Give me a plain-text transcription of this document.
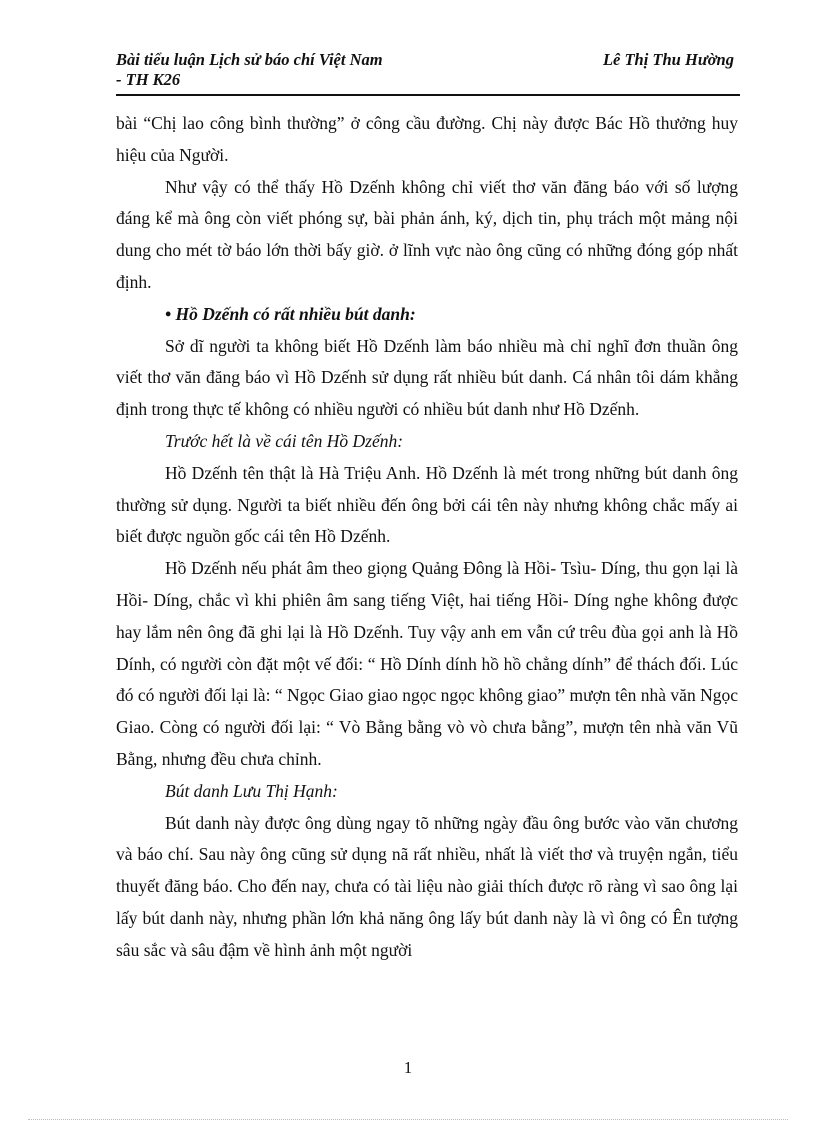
Bài tiểu luận Lịch sử báo chí Việt Nam
- TH K26
Lê Thị Thu Hường

bài “Chị lao công bình thường” ở công cầu đường. Chị này được Bác Hồ thưởng huy hiệu của Người.

Như vậy có thể thấy Hồ Dzếnh không chỉ viết thơ văn đăng báo với số lượng đáng kể mà ông còn viết phóng sự, bài phản ánh, ký, dịch tin, phụ trách một mảng nội dung cho mét tờ báo lớn thời bấy giờ. ở lĩnh vực nào ông cũng có những đóng góp nhất định.

• Hồ Dzếnh có rất nhiều bút danh:

Sở dĩ người ta không biết Hồ Dzếnh làm báo nhiều mà chỉ nghĩ đơn thuần ông viết thơ văn đăng báo vì Hồ Dzếnh sử dụng rất nhiều bút danh. Cá nhân tôi dám khẳng định trong thực tế không có nhiều người có nhiều bút danh như Hồ Dzếnh.

Trước hết là về cái tên Hồ Dzếnh:

Hồ Dzếnh tên thật là Hà Triệu Anh. Hồ Dzếnh là mét trong những bút danh ông thường sử dụng. Người ta biết nhiều đến ông bởi cái tên này nhưng không chắc mấy ai biết được nguồn gốc cái tên Hồ Dzếnh.

Hồ Dzếnh nếu phát âm theo giọng Quảng Đông là Hồi- Tsìu- Díng, thu gọn lại là Hồi- Díng, chắc vì khi phiên âm sang tiếng Việt, hai tiếng Hồi- Díng nghe không được hay lắm nên ông đã ghi lại là Hồ Dzếnh. Tuy vậy anh em vẫn cứ trêu đùa gọi anh là Hồ Dính, có người còn đặt một vế đối: “ Hồ Dính dính hồ hồ chẳng dính” để thách đối. Lúc đó có người đối lại là: “ Ngọc Giao giao ngọc ngọc không giao” mượn tên nhà văn Ngọc Giao. Còng có người đối lại: “ Vò Bằng bằng vò vò chưa bằng”, mượn tên nhà văn Vũ Bằng, nhưng đều chưa chỉnh.

Bút danh Lưu Thị Hạnh:

Bút danh này được ông dùng ngay tõ những ngày đầu ông bước vào văn chương và báo chí. Sau này ông cũng sử dụng nã rất nhiều, nhất là viết thơ và truyện ngắn, tiểu thuyết đăng báo. Cho đến nay, chưa có tài liệu nào giải thích được rõ ràng vì sao ông lại lấy bút danh này, nhưng phần lớn khả năng ông lấy bút danh này là vì ông có Ên tượng sâu sắc và sâu đậm về hình ảnh một người

1
